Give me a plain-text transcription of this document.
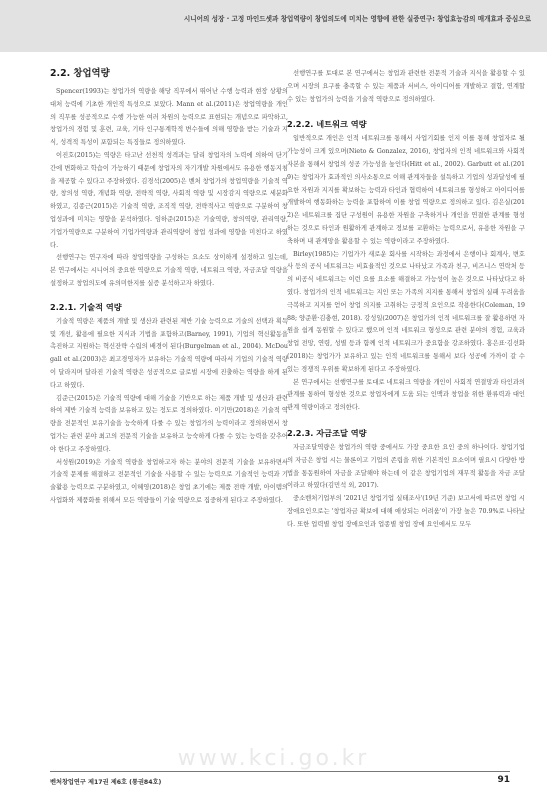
시니어의 성장 · 고정 마인드셋과 창업역량이 창업의도에 미치는 영향에 관한 실증연구: 창업효능감의 매개효과 중심으로
2.2. 창업역량

Spencer(1993)는 창업가의 역량을 해당 직무에서 뛰어난 수행 능력과 현장 상황의 대처 능력에 기초한 개인적 특성으로 보았다. Mann et al.(2011)은 창업역량을 개인의 직무를 성공적으로 수행 가능한 여러 차원의 능력으로 표현되는 개념으로 파악하고, 창업가의 경험 및 훈련, 교육, 기타 인구통계학적 변수들에 의해 영향을 받는 기술과 지식, 성격적 특성이 포함되는 특징들로 정의하였다.

이진호(2015)는 역량은 타고난 선천적 성격과는 달리 창업자의 노력에 의하여 단기간에 변화하고 학습이 가능하기 때문에 창업자의 자기개발 차원에서도 유용한 행동지침을 제공할 수 있다고 주장하였다. 김경석(2005)은 벤처 창업가의 창업역량을 기술적 역량, 창의성 역량, 개념화 역량, 전략적 역량, 사회적 역량 및 시장감지 역량으로 세분화하였고, 김종근(2015)은 기술적 역량, 조직적 역량, 전략적사고 역량으로 구분하여 창업성과에 미치는 영향을 분석하였다. 임하준(2015)은 기술역량, 창의역량, 관리역량, 기업가역량으로 구분하여 기업가역량과 관리역량이 창업 성과에 영향을 미친다고 하였다.

선행연구는 연구자에 따라 창업역량을 구성하는 요소도 상이하게 설정하고 있는데, 본 연구에서는 시니어의 중요한 역량으로 기술적 역량, 네트워크 역량, 자금조달 역량을 설정하고 창업의도에 유의미한지를 실증 분석하고자 하였다.

2.2.1. 기술적 역량

기술적 역량은 제품의 개발 및 생산과 관련된 제반 기술 능력으로 기술의 선택과 획득 및 개선, 활용에 필요한 지식과 기법을 포함하고(Barney, 1991), 기업의 혁신활동을 촉진하고 지원하는 혁신잔략 수립의 배경이 된다(Burgelman et al., 2004). McDougall et al.(2003)은 최고경영자가 보유하는 기술적 역량에 따라서 기업의 기술적 역량이 달라지며 달라진 기술적 역량은 성공적으로 글로벌 시장에 진출하는 역량을 하게 된다고 하였다.

김준근(2015)은 기술적 역량에 대해 기술을 기반으로 하는 제품 개발 및 생산과 관련하여 제반 기술적 능력을 보유하고 있는 정도로 정의하였다. 이기만(2018)은 기술적 역량을 전문적인 보유기술을 능숙하게 다룰 수 있는 창업가의 능력이라고 정의하면서 창업가는 관련 분야 최고의 전문적 기술을 보유하고 능숙하게 다룰 수 있는 능력을 갖추어야 한다고 주장하였다.

서성원(2019)은 기술적 역량을 창업하고자 하는 분야의 전문적 기술을 보유하면서 기술적 문제를 해결하고 전문적인 기술을 사용할 수 있는 능력으로 기술적인 능력과 기술활용 능력으로 구분하였고, 이혜영(2018)은 창업 초기에는 제품 전략 개발, 아이템의 사업화와 제품화를 위해서 모든 역량들이 기술 역량으로 집중하게 된다고 주장하였다.

선행연구를 토대로 본 연구에서는 창업과 관련한 전문적 기술과 지식을 활용할 수 있으며 시장의 요구를 충족할 수 있는 제품과 서비스, 아이디어를 개발하고 결합, 연계할 수 있는 창업가의 능력을 기술적 역량으로 정의하였다.

2.2.2. 네트워크 역량

일반적으로 개인은 인적 네트워크를 통해서 사업기회를 인지 이를 통해 창업자로 될 가능성이 크게 있으며(Nieto & Gonzalez, 2016), 창업자의 인적 네트워크와 사회적 자본을 통해서 창업의 성공 가능성을 높인다(Hitt et al., 2002). Garbutt et al.(2019)는 창업자가 효과적인 의사소통으로 이해 관계자들을 설득하고 기업의 성과달성에 필요한 자원과 지지를 확보하는 능력과 타인과 협력하여 네트워크를 형성하고 아이디어를 개발하여 행동화하는 능력을 포함하여 이를 창업 역량으로 정의하고 있다. 김은실(2012)은 네트워크를 집단 구성원이 유용한 자원을 구축하거나 개인을 연결한 관계를 형성하는 것으로 타인과 원활하게 관계하고 정보를 교환하는 능력으로서, 유용한 자원을 구축하며 내 관계망을 활용할 수 있는 역량이라고 주장하였다.

Birley(1985)는 기업가가 새로운 회사를 시작하는 과정에서 은행이나 회계사, 변호사 등의 공식 네트워크는 비효율적인 것으로 나타났고 가족과 친구, 비즈니스 연락처 등의 비공식 네트워크는 이런 요를 요소를 해결하고 가능성이 높은 것으로 나타났다고 하였다. 창업가의 인적 네트워크는 지인 또는 가족의 지지를 통해서 창업의 실패 두려움을 극복하고 지지를 얻어 창업 의지를 고취하는 긍정적 요인으로 작용한다(Coleman, 1988; 양준환·김충현, 2018). 강성일(2007)은 창업가의 인적 네트워크를 잘 활용하면 자원을 쉽게 동원할 수 있다고 했으며 인적 네트워크 형성으로 관련 분야의 경험, 교육과 창업 전망, 연령, 성별 등과 함께 인적 네트워크가 중요함을 강조하였다. 홍은표·김선화(2018)는 창업가가 보유하고 있는 인적 네트워크를 통해서 보다 성공에 가까이 갈 수 있는 경쟁적 우위를 확보하게 된다고 주장하였다.

본 연구에서는 선행연구를 토대로 네트워크 역량을 개인이 사회적 연결망과 타인과의 관계를 통하여 형성한 것으로 창업자에게 도움 되는 인맥과 창업을 위한 환류력과 대인관계 역량이라고 정의한다.

2.2.3. 자금조달 역량

자금조달역량은 창업가의 역량 중에서도 가장 중요한 요인 중의 하나이다. 창업기업의 자금은 창업 시는 물론이고 기업의 존립을 위한 기본적인 요소이며 필요시 다양한 방법을 통동원하여 자금을 조달해야 하는데 이 같은 창업기업의 재무적 활동을 자금 조달이라고 하였다(김민석 외, 2017).

중소벤처기업부의 '2021년 창업기업 실태조사'(19년 기준) 보고서에 따르면 창업 시 장애요인으로는 '창업자금 확보에 대해 애상되는 어려움'이 가장 높은 70.9%로 나타났다. 또한 업력별 창업 장애요인과 업종별 창업 장애 요인에서도 모두

www.kci.go.kr
벤처창업연구 제17권 제6호 (통권84호)	91
